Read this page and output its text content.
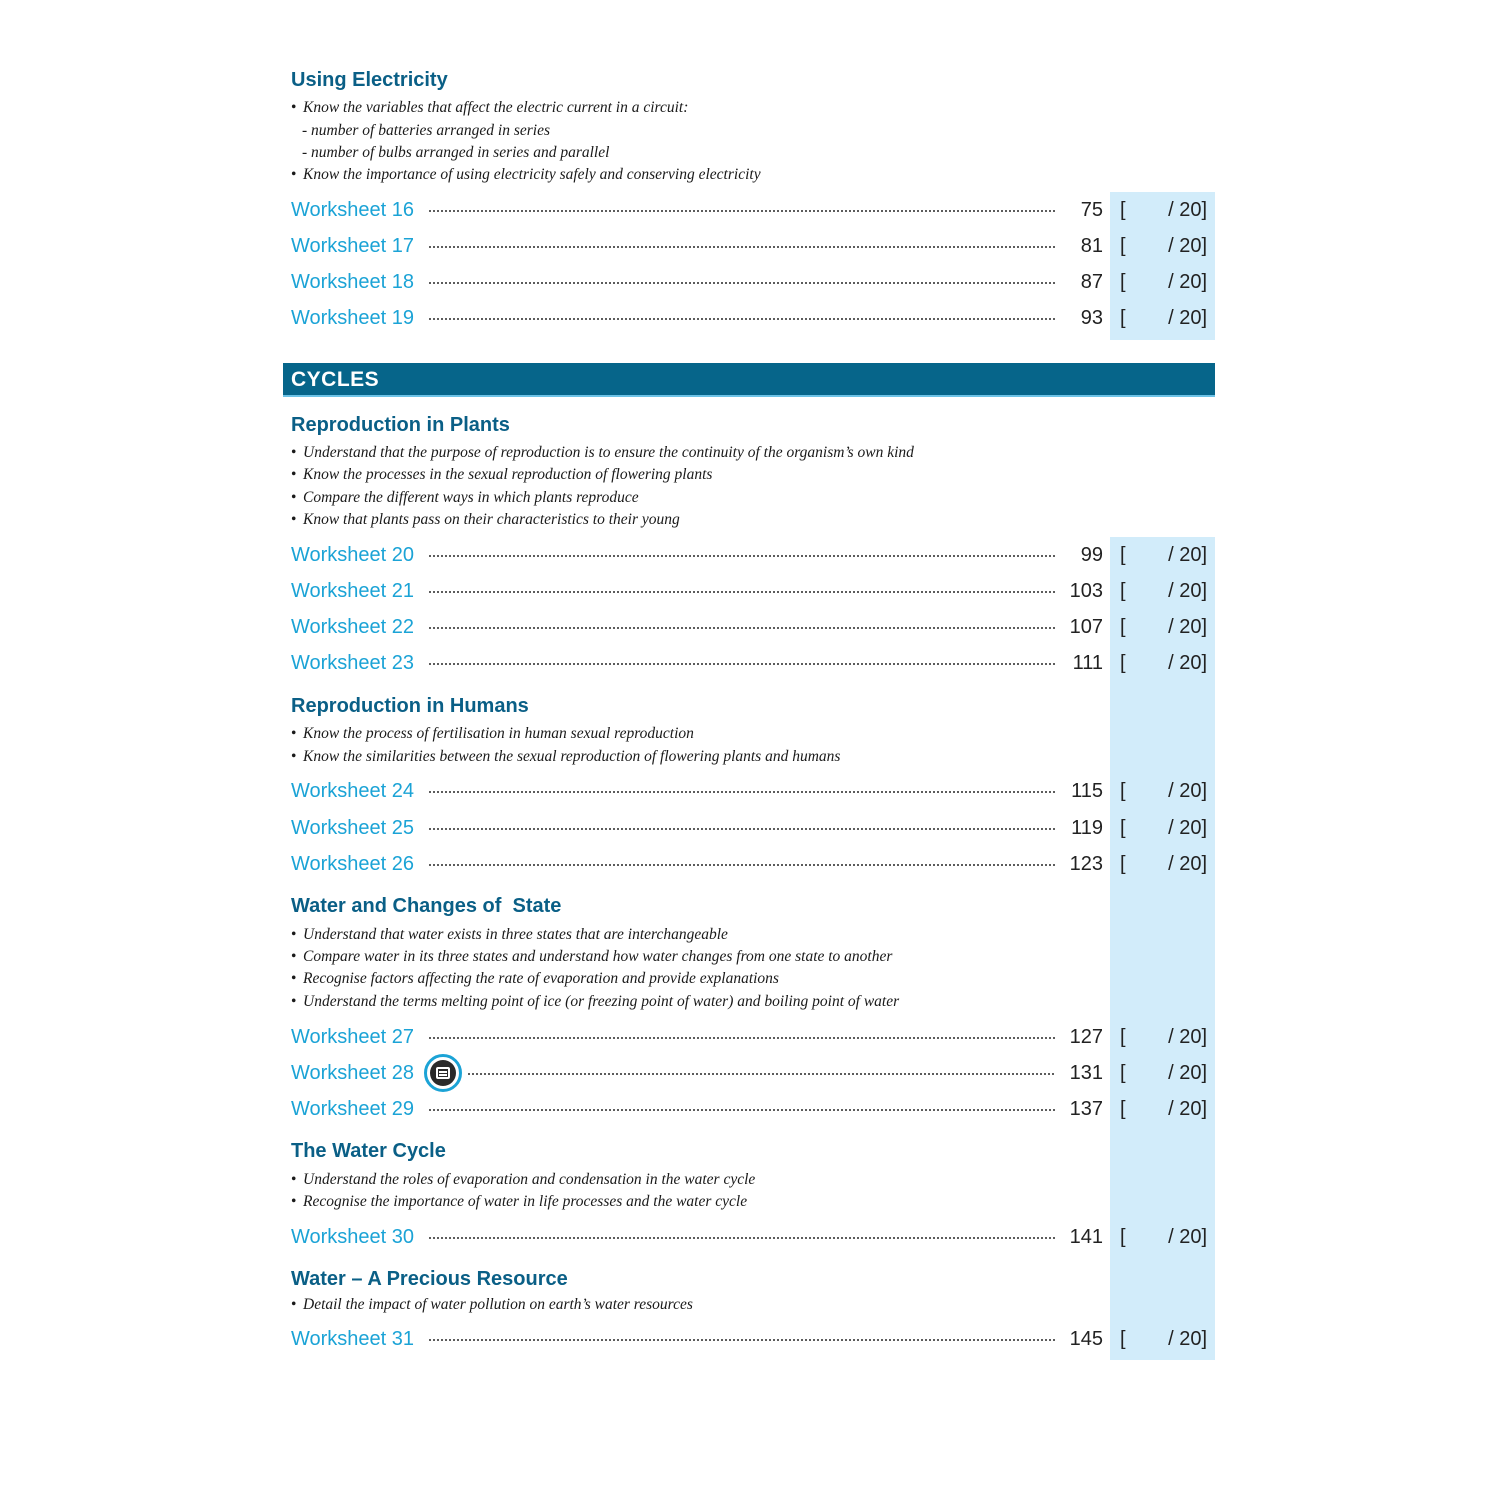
Using Electricity
• Know the variables that affect the electric current in a circuit:
- number of batteries arranged in series
- number of bulbs arranged in series and parallel
• Know the importance of using electricity safely and conserving electricity
Worksheet 16	75 [ / 20]
Worksheet 17	81 [ / 20]
Worksheet 18	87 [ / 20]
Worksheet 19	93 [ / 20]
CYCLES
Reproduction in Plants
• Understand that the purpose of reproduction is to ensure the continuity of the organism’s own kind
• Know the processes in the sexual reproduction of flowering plants
• Compare the different ways in which plants reproduce
• Know that plants pass on their characteristics to their young
Worksheet 20	99 [ / 20]
Worksheet 21	103 [ / 20]
Worksheet 22	107 [ / 20]
Worksheet 23	111 [ / 20]
Reproduction in Humans
• Know the process of fertilisation in human sexual reproduction
• Know the similarities between the sexual reproduction of flowering plants and humans
Worksheet 24	115 [ / 20]
Worksheet 25	119 [ / 20]
Worksheet 26	123 [ / 20]
Water and Changes of  State
• Understand that water exists in three states that are interchangeable
• Compare water in its three states and understand how water changes from one state to another
• Recognise factors affecting the rate of evaporation and provide explanations
• Understand the terms melting point of ice (or freezing point of water) and boiling point of water
Worksheet 27	127 [ / 20]
Worksheet 28	131 [ / 20]
Worksheet 29	137 [ / 20]
The Water Cycle
• Understand the roles of evaporation and condensation in the water cycle
• Recognise the importance of water in life processes and the water cycle
Worksheet 30	141 [ / 20]
Water – A Precious Resource
• Detail the impact of water pollution on earth’s water resources
Worksheet 31	145 [ / 20]
